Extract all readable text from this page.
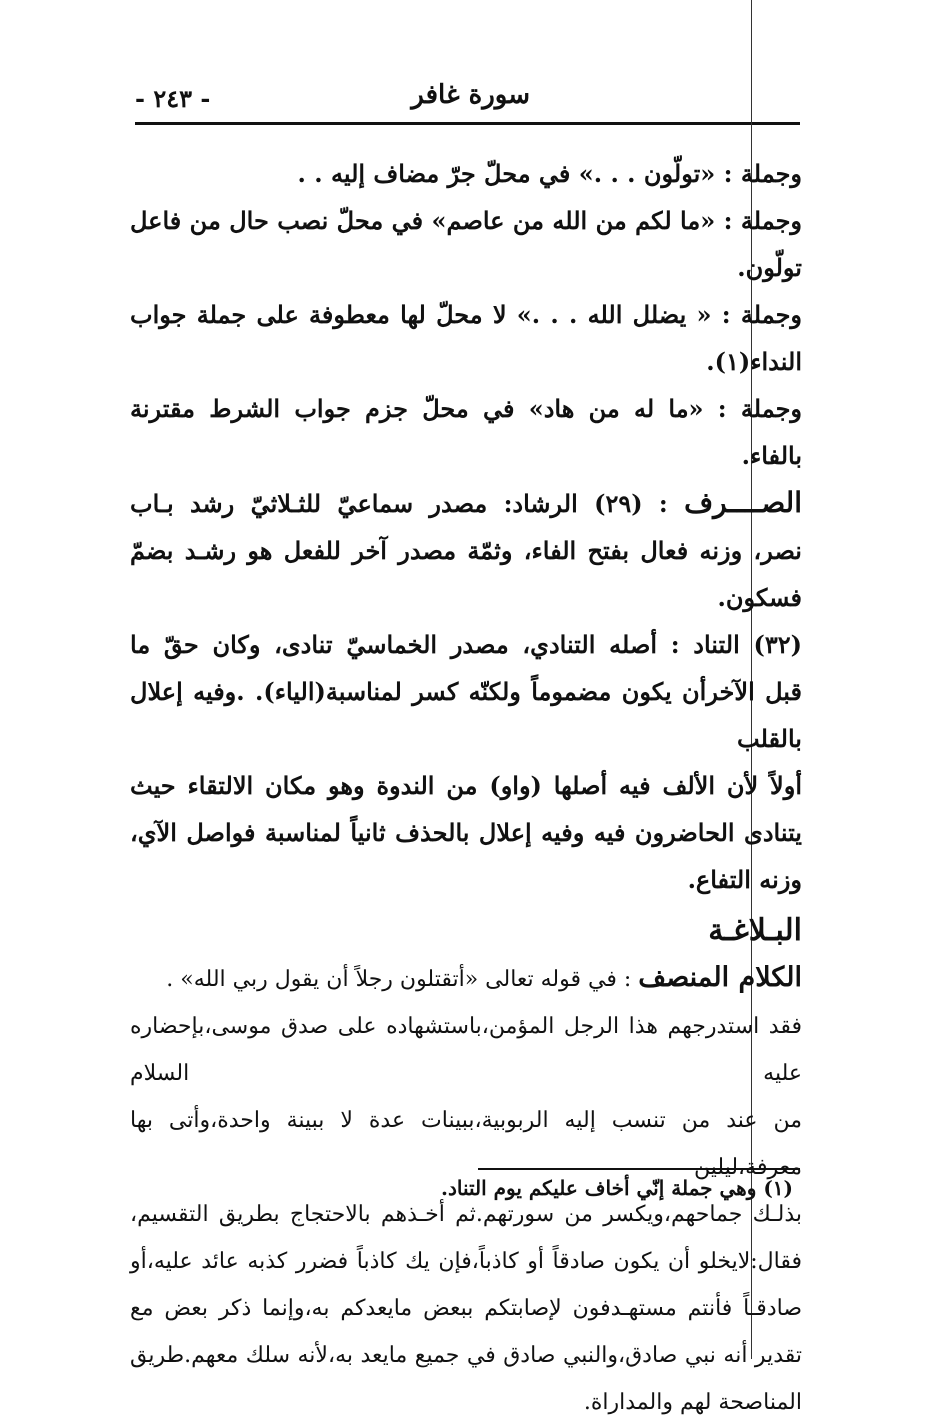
- ٢٤٣ -	سورة غافر
وجملة : «تولّون . . .» في محلّ جرّ مضاف إليه . .
وجملة : «ما لكم من الله من عاصم» في محلّ نصب حال من فاعل
تولّون.
وجملة : « يضلل الله . . .» لا محلّ لها معطوفة على جملة جواب
النداء(١).
وجملة : «ما له من هاد» في محلّ جزم جواب الشرط مقترنة بالفاء.
الصــــرف : (٢٩) الرشاد: مصدر سماعيّ للثـلاثيّ رشد بـاب
نصر، وزنه فعال بفتح الفاء، وثمّة مصدر آخر للفعل هو رشـد بضمّ
فسكون.
(٣٢) التناد : أصله التنادي، مصدر الخماسيّ تنادى، وكان حقّ ما
قبل الآخرأن يكون مضموماً ولكنّه كسر لمناسبة(الياء). .وفيه إعلال بالقلب
أولاً لأن الألف فيه أصلها (واو) من الندوة وهو مكان الالتقاء حيث
يتنادى الحاضرون فيه وفيه إعلال بالحذف ثانياً لمناسبة فواصل الآي،
وزنه التفاع.
البـلاغـة
الكلام المنصف : في قوله تعالى «أتقتلون رجلاً أن يقول ربي الله» .
فقد استدرجهم هذا الرجل المؤمن،باستشهاده على صدق موسى،بإحضاره عليه السلام
من عند من تنسب إليه الربوبية،ببينات عدة لا ببينة واحدة،وأتى بها معرفة،ليلين
بذلـك جماحهم،ويكسر من سورتهم.ثم أخـذهم بالاحتجاج بطريق التقسيم،
فقال:لايخلو أن يكون صادقاً أو كاذباً،فإن يك كاذباً فضرر كذبه عائد عليه،أو
صادقـاً فأنتم مستهـدفون لإصابتكم ببعض مايعدكم به،وإنما ذكر بعض مع
تقدير أنه نبي صادق،والنبي صادق في جميع مايعد به،لأنه سلك معهم.طريق
المناصحة لهم والمداراة.
(١) وهي جملة إنّي أخاف عليكم يوم التناد.
